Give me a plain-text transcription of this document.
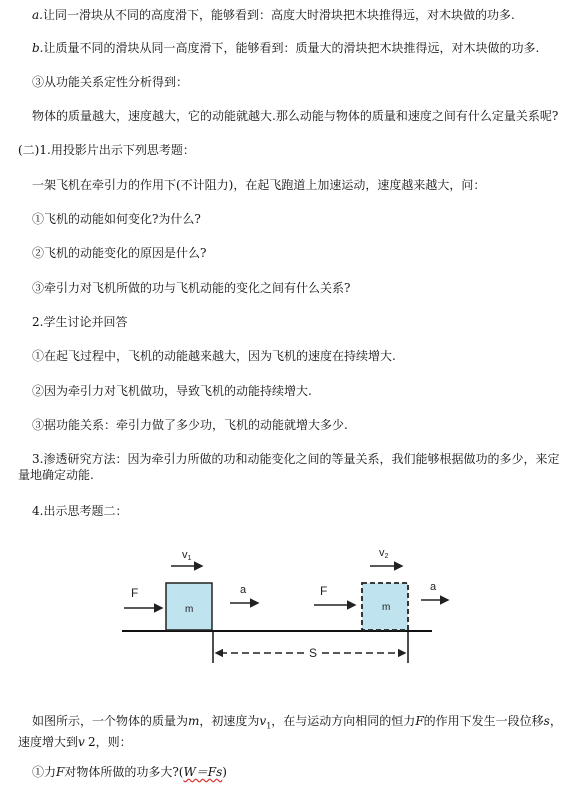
a.让同一滑块从不同的高度滑下，能够看到：高度大时滑块把木块推得远，对木块做的功多.
b.让质量不同的滑块从同一高度滑下，能够看到：质量大的滑块把木块推得远，对木块做的功多.
③从功能关系定性分析得到：
物体的质量越大，速度越大，它的动能就越大.那么动能与物体的质量和速度之间有什么定量关系呢?
(二)1.用投影片出示下列思考题：
一架飞机在牵引力的作用下(不计阻力)，在起飞跑道上加速运动，速度越来越大，问：
①飞机的动能如何变化?为什么?
②飞机的动能变化的原因是什么?
③牵引力对飞机所做的功与飞机动能的变化之间有什么关系?
2.学生讨论并回答
①在起飞过程中，飞机的动能越来越大，因为飞机的速度在持续增大.
②因为牵引力对飞机做功，导致飞机的动能持续增大.
③据功能关系：牵引力做了多少功，飞机的动能就增大多少.
3.渗透研究方法：因为牵引力所做的功和动能变化之间的等量关系，我们能够根据做功的多少，来定量地确定动能.
4.出示思考题二：
v1
F
m
a
v2
F
m
a
S
如图所示，一个物体的质量为m，初速度为$v_1$，在与运动方向相同的恒力F的作用下发生一段位移s，速度增大到v 2，则：
①力F对物体所做的功多大?(W＝Fs)
